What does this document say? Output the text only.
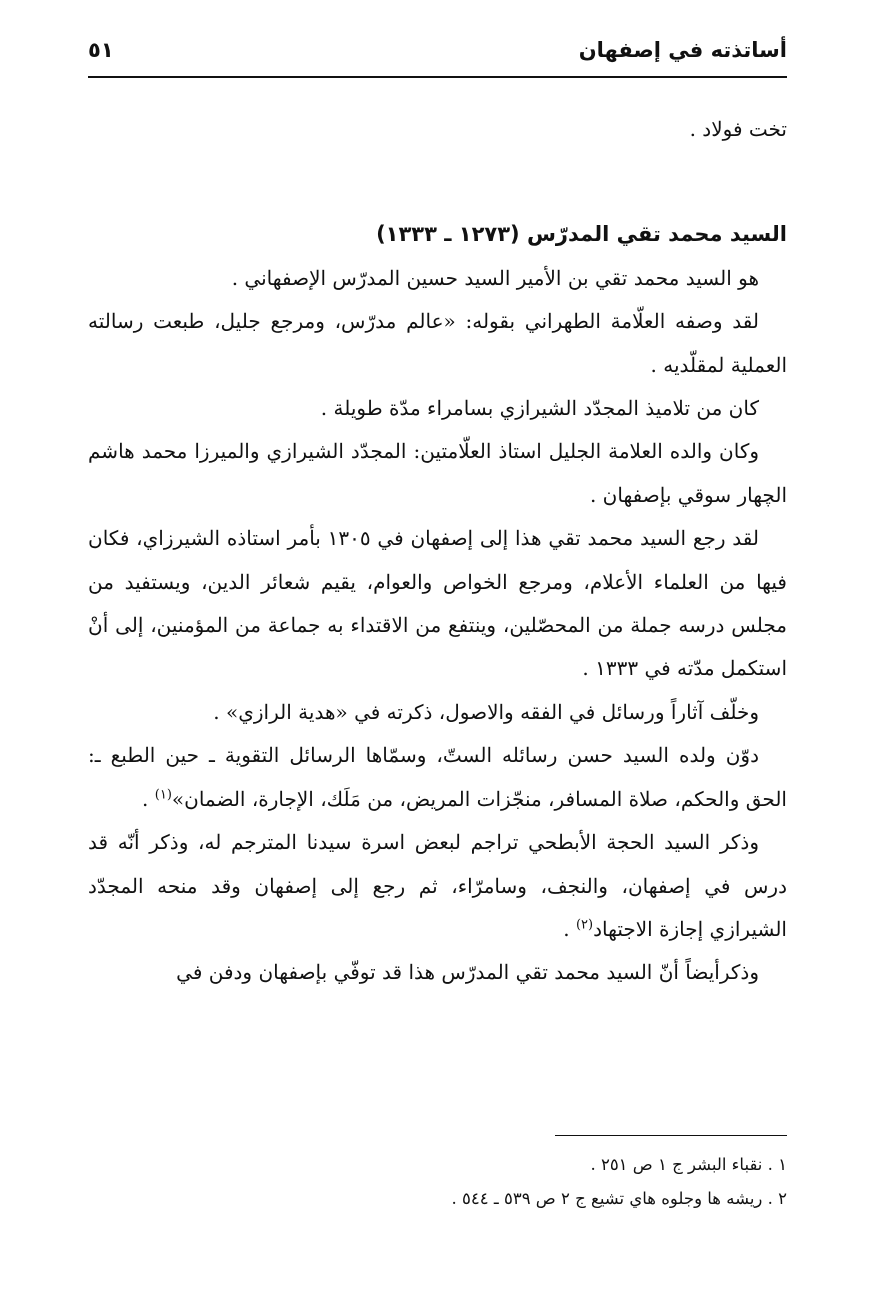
أساتذته في إصفهان
٥١

تخت فولاد .

السيد محمد تقي المدرّس (١٢٧٣ ـ ١٣٣٣)

هو السيد محمد تقي بن الأمير السيد حسين المدرّس الإصفهاني .

لقد وصفه العلّامة الطهراني بقوله: «عالم مدرّس، ومرجع جليل، طبعت رسالته العملية لمقلّديه .

كان من تلاميذ المجدّد الشيرازي بسامراء مدّة طويلة .

وكان والده العلامة الجليل استاذ العلّامتين: المجدّد الشيرازي والميرزا محمد هاشم الچهار سوقي بإصفهان .

لقد رجع السيد محمد تقي هذا إلى إصفهان في ١٣٠٥ بأمر استاذه الشيرزاي، فكان فيها من العلماء الأعلام، ومرجع الخواص والعوام، يقيم شعائر الدين، ويستفيد من مجلس درسه جملة من المحصّلين، وينتفع من الاقتداء به جماعة من المؤمنين، إلى أنْ استكمل مدّته في ١٣٣٣ .

وخلّف آثاراً ورسائل في الفقه والاصول، ذكرته في «هدية الرازي» .

دوّن ولده السيد حسن رسائله الستّ، وسمّاها الرسائل التقوية ـ حين الطبع ـ: الحق والحكم، صلاة المسافر، منجّزات المريض، من مَلَك، الإجارة، الضمان»$^{(١)}$ .

وذكر السيد الحجة الأبطحي تراجم لبعض اسرة سيدنا المترجم له، وذكر أنّه قد درس في إصفهان، والنجف، وسامرّاء، ثم رجع إلى إصفهان وقد منحه المجدّد الشيرازي إجازة الاجتهاد$^{(٢)}$ .

وذكرأيضاً أنّ السيد محمد تقي المدرّس هذا قد توفّي بإصفهان ودفن في

١ . نقباء البشر ج ١ ص ٢٥١ .

٢ . ريشه ها وجلوه هاي تشيع ج ٢ ص ٥٣٩ ـ ٥٤٤ .
